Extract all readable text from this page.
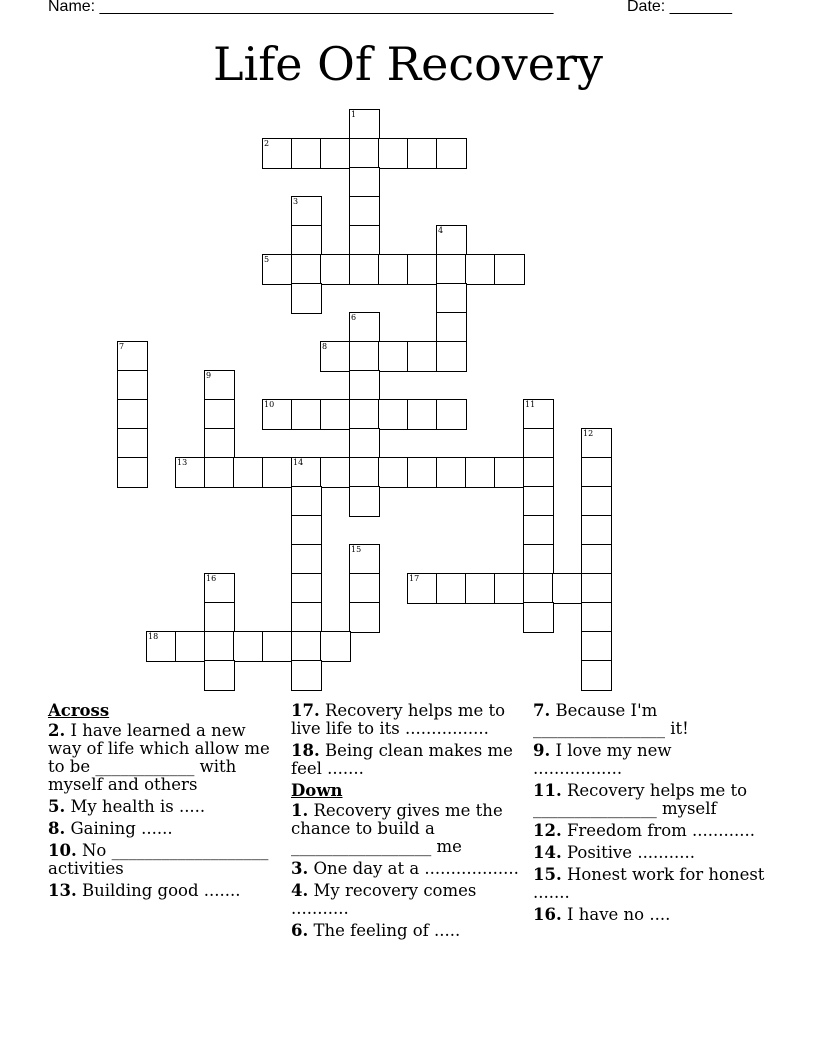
Name: ___________________________________________________	Date: _______
Life Of Recovery
1
2
3
4
5
6
7	8
9
10	11
12
13	14
15
16	17
18
Across
2. I have learned a new way of life which allow me to be ____________ with myself and others
5. My health is .....
8. Gaining ......
10. No ___________________ activities
13. Building good .......
17. Recovery helps me to live life to its ................
18. Being clean makes me feel .......
Down
1. Recovery gives me the chance to build a _________________ me
3. One day at a ..................
4. My recovery comes ...........
6. The feeling of .....
7. Because I'm ________________ it!
9. I love my new .................
11. Recovery helps me to _______________ myself
12. Freedom from ............
14. Positive ...........
15. Honest work for honest .......
16. I have no ....
